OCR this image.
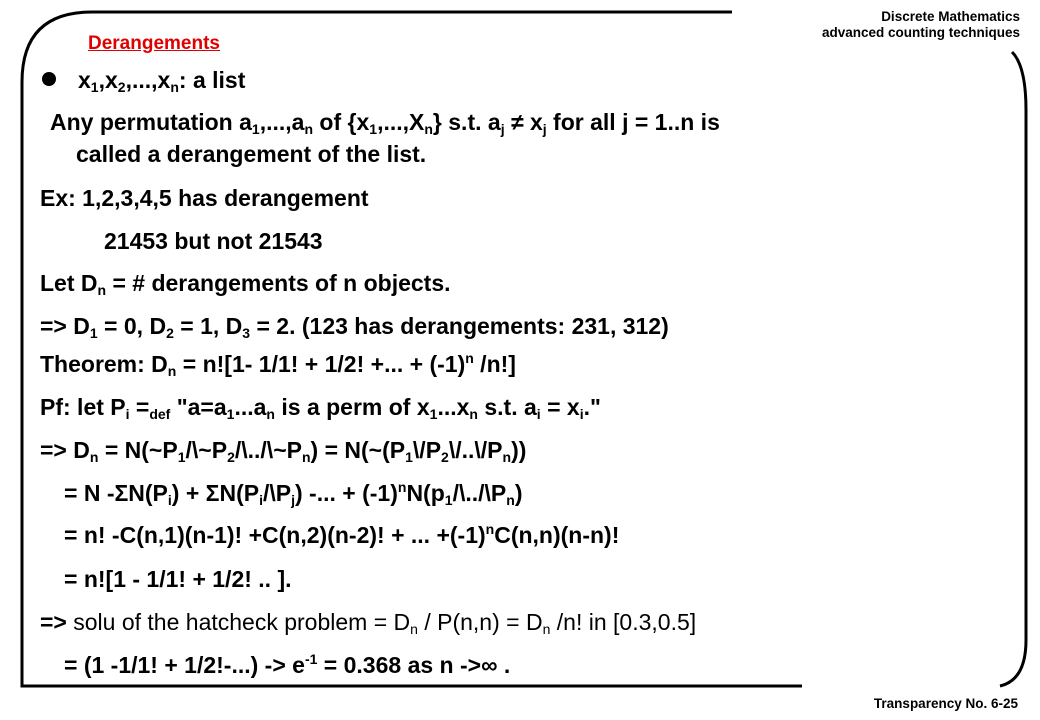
Discrete Mathematics
advanced counting techniques
Derangements
$x_1,x_2,...,x_n$: a list
Any permutation $a_1,...,a_n$ of $\{x_1,...,X_n\}$ s.t. $a_j \ne x_j$ for all j = 1..n is
called a derangement of the list.
Ex: 1,2,3,4,5 has derangement
21453 but not 21543
Let $D_n$ = # derangements of n objects.
=> $D_1 = 0$, $D_2 = 1$, $D_3 = 2$. (123 has derangements: 231, 312)
Theorem: $D_n = n![1-$ 1/1! + 1/2! +... + $(-1)^n$ /n!]
Pf: let $P_i =_{def}$ "$a=a_1...a_n$ is a perm of $x_1...x_n$ s.t. $a_i = x_i$."
=> $D_n$ = $N(\sim P_1/\backslash\sim P_2/\backslash../\backslash\sim P_n)$ = $N(\sim(P_1\backslash/P_2\backslash/..\backslash/P_n))$
= N $-\Sigma N(P_i)$ + $\Sigma N(P_i/\backslash P_j)$ -... + $(-1)^nN(p_1/\backslash../\backslash P_n)$
= n! -C(n,1)(n-1)! +C(n,2)(n-2)! + ... $+(-1)^nC(n,n)(n-n)$!
= n![1 - 1/1! + 1/2! .. ].
=> solu of the hatcheck problem = $D_n / P(n,n) = D_n$ /n! in [0.3,0.5]
= (1 -1/1! + $1/2!-...) -> e^{-1} = 0.368$ as n ->∞ .
Transparency No. 6-25
